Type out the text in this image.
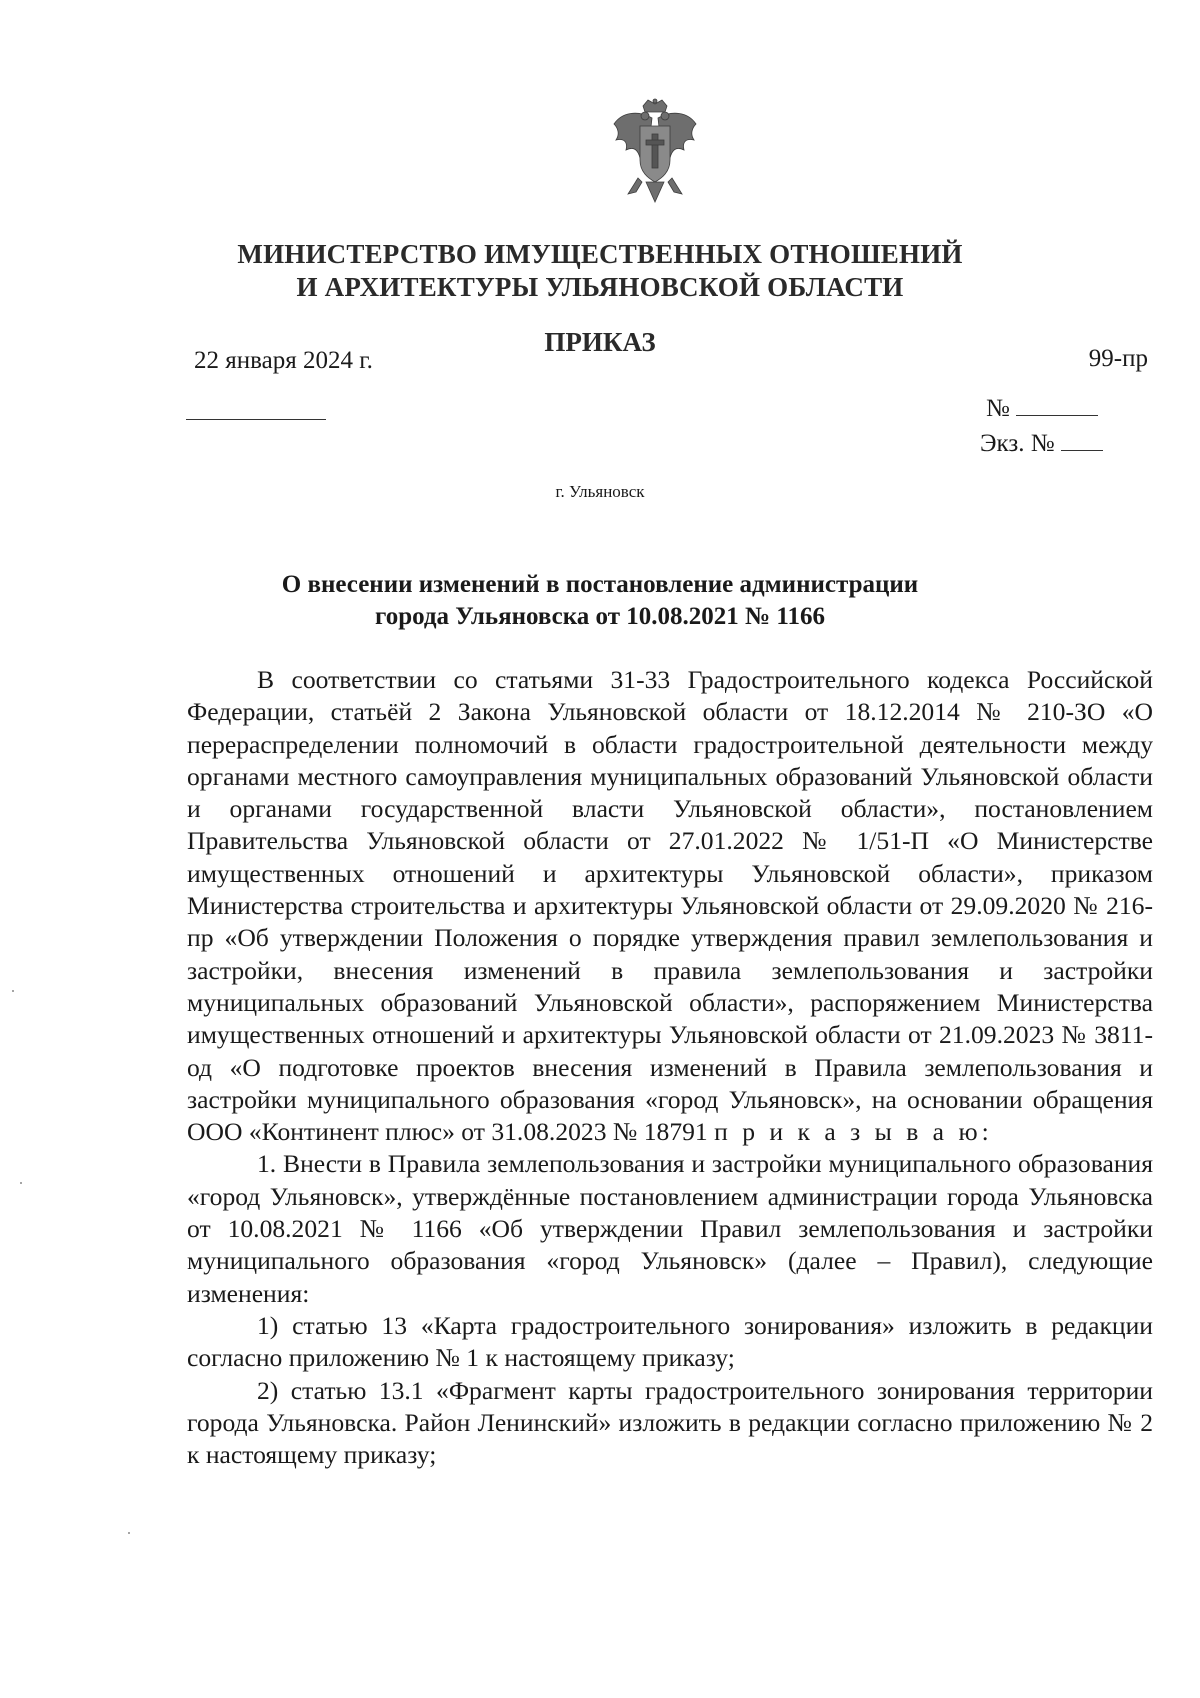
МИНИСТЕРСТВО ИМУЩЕСТВЕННЫХ ОТНОШЕНИЙ
И АРХИТЕКТУРЫ УЛЬЯНОВСКОЙ ОБЛАСТИ
ПРИКАЗ
22 января 2024 г.	99-пр
№
Экз. №
г. Ульяновск
О внесении изменений в постановление администрации
города Ульяновска от 10.08.2021 № 1166

В соответствии со статьями 31-33 Градостроительного кодекса Российской Федерации, статьёй 2 Закона Ульяновской области от 18.12.2014 № 210-ЗО «О перераспределении полномочий в области градостроительной деятельности между органами местного самоуправления муниципальных образований Ульяновской области и органами государственной власти Ульяновской области», постановлением Правительства Ульяновской области от 27.01.2022 № 1/51-П «О Министерстве имущественных отношений и архитектуры Ульяновской области», приказом Министерства строительства и архитектуры Ульяновской области от 29.09.2020 № 216-пр «Об утверждении Положения о порядке утверждения правил землепользования и застройки, внесения изменений в правила землепользования и застройки муниципальных образований Ульяновской области», распоряжением Министерства имущественных отношений и архитектуры Ульяновской области от 21.09.2023 № 3811-од «О подготовке проектов внесения изменений в Правила землепользования и застройки муниципального образования «город Ульяновск», на основании обращения ООО «Континент плюс» от 31.08.2023 № 18791 п р и к а з ы в а ю:

1. Внести в Правила землепользования и застройки муниципального образования «город Ульяновск», утверждённые постановлением администрации города Ульяновска от 10.08.2021 № 1166 «Об утверждении Правил землепользования и застройки муниципального образования «город Ульяновск» (далее – Правил), следующие изменения:

1) статью 13 «Карта градостроительного зонирования» изложить в редакции согласно приложению № 1 к настоящему приказу;

2) статью 13.1 «Фрагмент карты градостроительного зонирования территории города Ульяновска. Район Ленинский» изложить в редакции согласно приложению № 2 к настоящему приказу;
